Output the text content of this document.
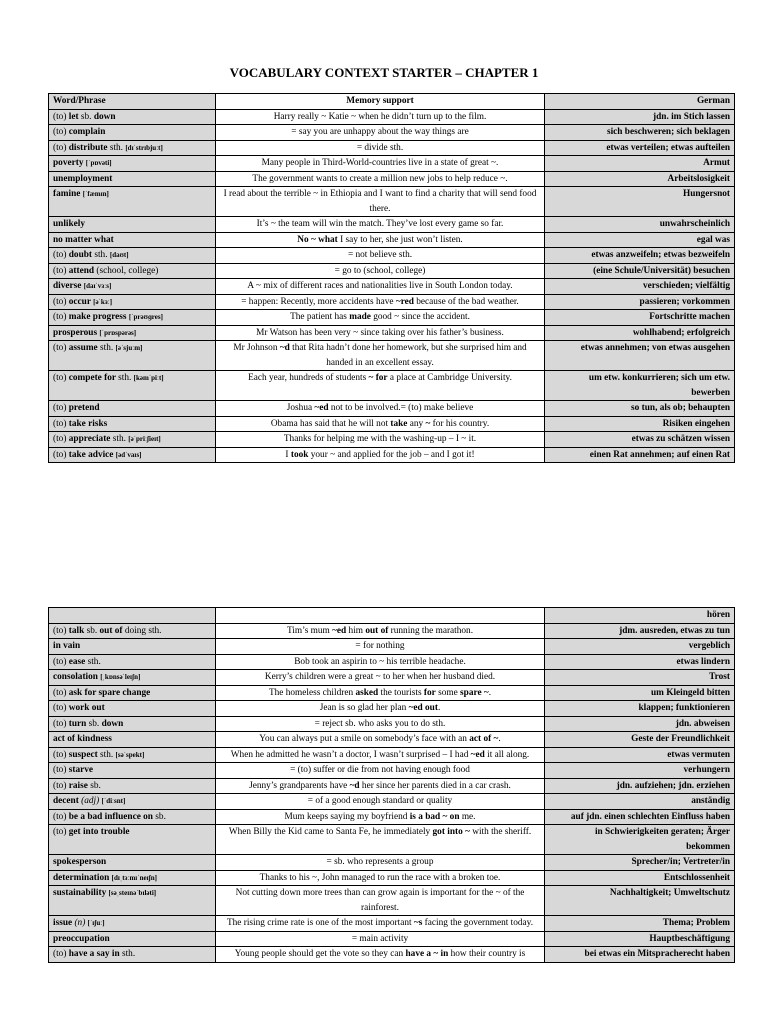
VOCABULARY CONTEXT STARTER – CHAPTER 1
Word/Phrase	Memory support	German
(to) let sb. down	Harry really ~ Katie ~ when he didn’t turn up to the film.	jdn. im Stich lassen
(to) complain	= say you are unhappy about the way things are	sich beschweren; sich beklagen
(to) distribute sth. [dɪˈstrɪbjuːt]	= divide sth.	etwas verteilen; etwas aufteilen
poverty [ˈpɒvəti]	Many people in Third-World-countries live in a state of great ~.	Armut
unemployment	The government wants to create a million new jobs to help reduce ~.	Arbeitslosigkeit
famine [ˈfæmɪn]	I read about the terrible ~ in Ethiopia and I want to find a charity that will send food there.	Hungersnot
unlikely	It’s ~ the team will win the match. They’ve lost every game so far.	unwahrscheinlich
no matter what	No ~ what I say to her, she just won’t listen.	egal was
(to) doubt sth. [daʊt]	= not believe sth.	etwas anzweifeln; etwas bezweifeln
(to) attend (school, college)	= go to (school, college)	(eine Schule/Universität) besuchen
diverse [daɪˈvɜːs]	A ~ mix of different races and nationalities live in South London today.	verschieden; vielfältig
(to) occur [əˈkɜː]	= happen: Recently, more accidents have ~red because of the bad weather.	passieren; vorkommen
(to) make progress [ˈprəʊɡres]	The patient has made good ~ since the accident.	Fortschritte machen
prosperous [ˈprɒspərəs]	Mr Watson has been very ~ since taking over his father’s business.	wohlhabend; erfolgreich
(to) assume sth. [əˈsjuːm]	Mr Johnson ~d that Rita hadn’t done her homework, but she surprised him and handed in an excellent essay.	etwas annehmen; von etwas ausgehen
(to) compete for sth. [kəmˈpiːt]	Each year, hundreds of students ~ for a place at Cambridge University.	um etw. konkurrieren; sich um etw. bewerben
(to) pretend	Joshua ~ed not to be involved.= (to) make believe	so tun, als ob; behaupten
(to) take risks	Obama has said that he will not take any ~ for his country.	Risiken eingehen
(to) appreciate sth. [əˈpriːʃieɪt]	Thanks for helping me with the washing-up – I ~ it.	etwas zu schätzen wissen
(to) take advice [ədˈvaɪs]	I took your ~ and applied for the job – and I got it!	einen Rat annehmen; auf einen Rat
		hören
(to) talk sb. out of doing sth.	Tim’s mum ~ed him out of running the marathon.	jdm. ausreden, etwas zu tun
in vain	= for nothing	vergeblich
(to) ease sth.	Bob took an aspirin to ~ his terrible headache.	etwas lindern
consolation [ˌkɒnsəˈleɪʃn]	Kerry’s children were a great ~ to her when her husband died.	Trost
(to) ask for spare change	The homeless children asked the tourists for some spare ~.	um Kleingeld bitten
(to) work out	Jean is so glad her plan ~ed out.	klappen; funktionieren
(to) turn sb. down	= reject sb. who asks you to do sth.	jdn. abweisen
act of kindness	You can always put a smile on somebody’s face with an act of ~.	Geste der Freundlichkeit
(to) suspect sth. [səˈspekt]	When he admitted he wasn’t a doctor, I wasn’t surprised – I had ~ed it all along.	etwas vermuten
(to) starve	= (to) suffer or die from not having enough food	verhungern
(to) raise sb.	Jenny’s grandparents have ~d her since her parents died in a car crash.	jdn. aufziehen; jdn. erziehen
decent (adj) [ˈdiːsnt]	= of a good enough standard or quality	anständig
(to) be a bad influence on sb.	Mum keeps saying my boyfriend is a bad ~ on me.	auf jdn. einen schlechten Einfluss haben
(to) get into trouble	When Billy the Kid came to Santa Fe, he immediately got into ~ with the sheriff.	in Schwierigkeiten geraten; Ärger bekommen
spokesperson	= sb. who represents a group	Sprecher/in; Vertreter/in
determination [dɪˌtɜːmɪˈneɪʃn]	Thanks to his ~, John managed to run the race with a broken toe.	Entschlossenheit
sustainability [səˌsteɪnəˈbɪləti]	Not cutting down more trees than can grow again is important for the ~ of the rainforest.	Nachhaltigkeit; Umweltschutz
issue (n) [ˈɪʃuː]	The rising crime rate is one of the most important ~s facing the government today.	Thema; Problem
preoccupation	= main activity	Hauptbeschäftigung
(to) have a say in sth.	Young people should get the vote so they can have a ~ in how their country is	bei etwas ein Mitspracherecht haben
